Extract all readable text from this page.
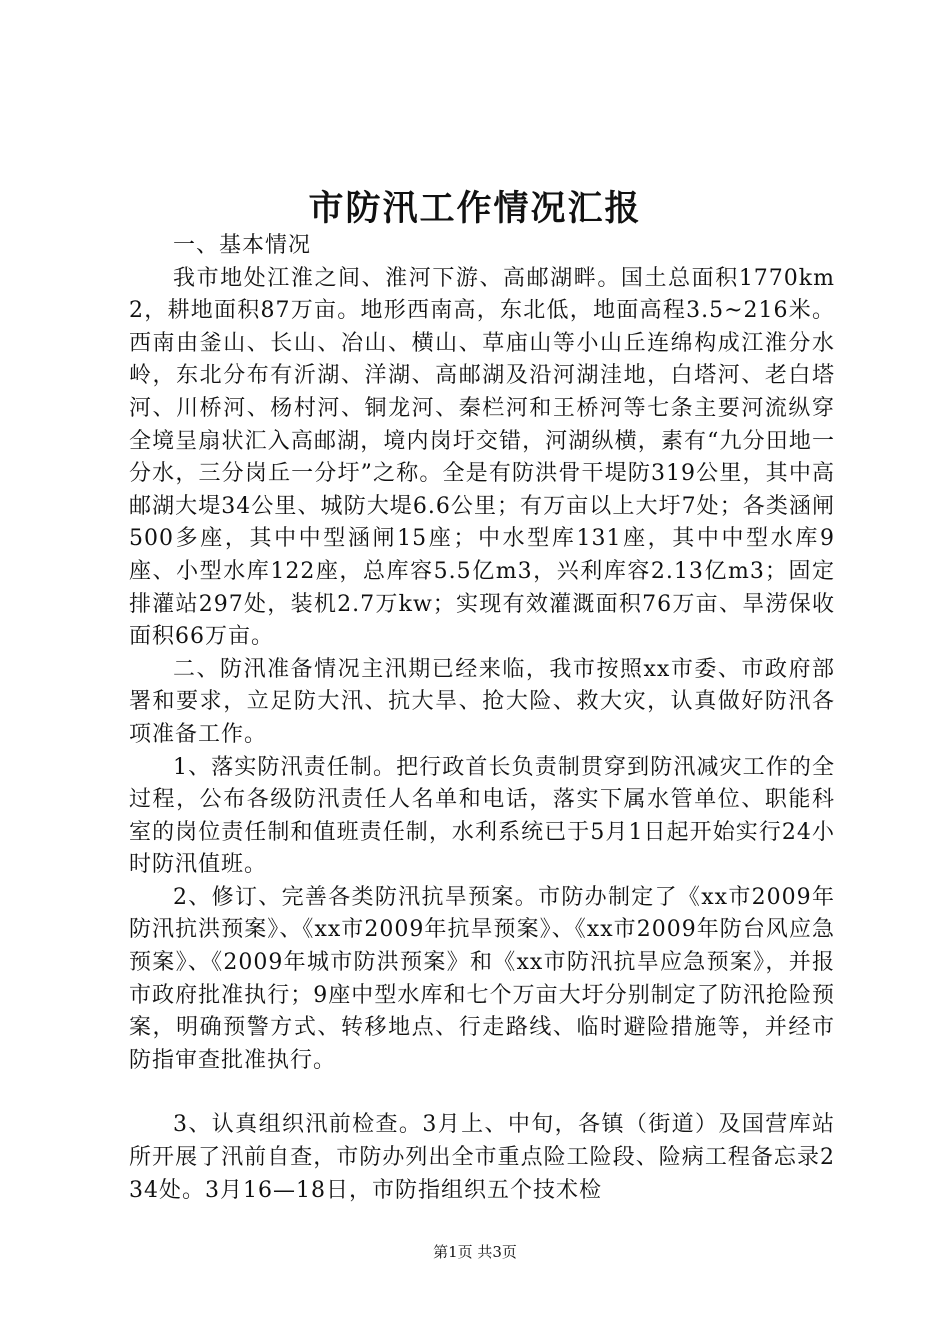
市防汛工作情况汇报

一、基本情况

我市地处江淮之间、淮河下游、高邮湖畔。国土总面积1770km2，耕地面积87万亩。地形西南高，东北低，地面高程3.5~216米。西南由釜山、长山、冶山、横山、草庙山等小山丘连绵构成江淮分水岭，东北分布有沂湖、洋湖、高邮湖及沿河湖洼地，白塔河、老白塔河、川桥河、杨村河、铜龙河、秦栏河和王桥河等七条主要河流纵穿全境呈扇状汇入高邮湖，境内岗圩交错，河湖纵横，素有“九分田地一分水，三分岗丘一分圩”之称。全是有防洪骨干堤防319公里，其中高邮湖大堤34公里、城防大堤6.6公里；有万亩以上大圩7处；各类涵闸500多座，其中中型涵闸15座；中水型库131座，其中中型水库9座、小型水库122座，总库容5.5亿m3，兴利库容2.13亿m3；固定排灌站297处，装机2.7万kw；实现有效灌溉面积76万亩、旱涝保收面积66万亩。

二、防汛准备情况主汛期已经来临，我市按照xx市委、市政府部署和要求，立足防大汛、抗大旱、抢大险、救大灾，认真做好防汛各项准备工作。

1、落实防汛责任制。把行政首长负责制贯穿到防汛减灾工作的全过程，公布各级防汛责任人名单和电话，落实下属水管单位、职能科室的岗位责任制和值班责任制，水利系统已于5月1日起开始实行24小时防汛值班。

2、修订、完善各类防汛抗旱预案。市防办制定了《xx市2009年防汛抗洪预案》、《xx市2009年抗旱预案》、《xx市2009年防台风应急预案》、《2009年城市防洪预案》和《xx市防汛抗旱应急预案》，并报市政府批准执行；9座中型水库和七个万亩大圩分别制定了防汛抢险预案，明确预警方式、转移地点、行走路线、临时避险措施等，并经市防指审查批准执行。

3、认真组织汛前检查。3月上、中旬，各镇（街道）及国营库站所开展了汛前自查，市防办列出全市重点险工险段、险病工程备忘录234处。3月16—18日，市防指组织五个技术检

第1页 共3页
